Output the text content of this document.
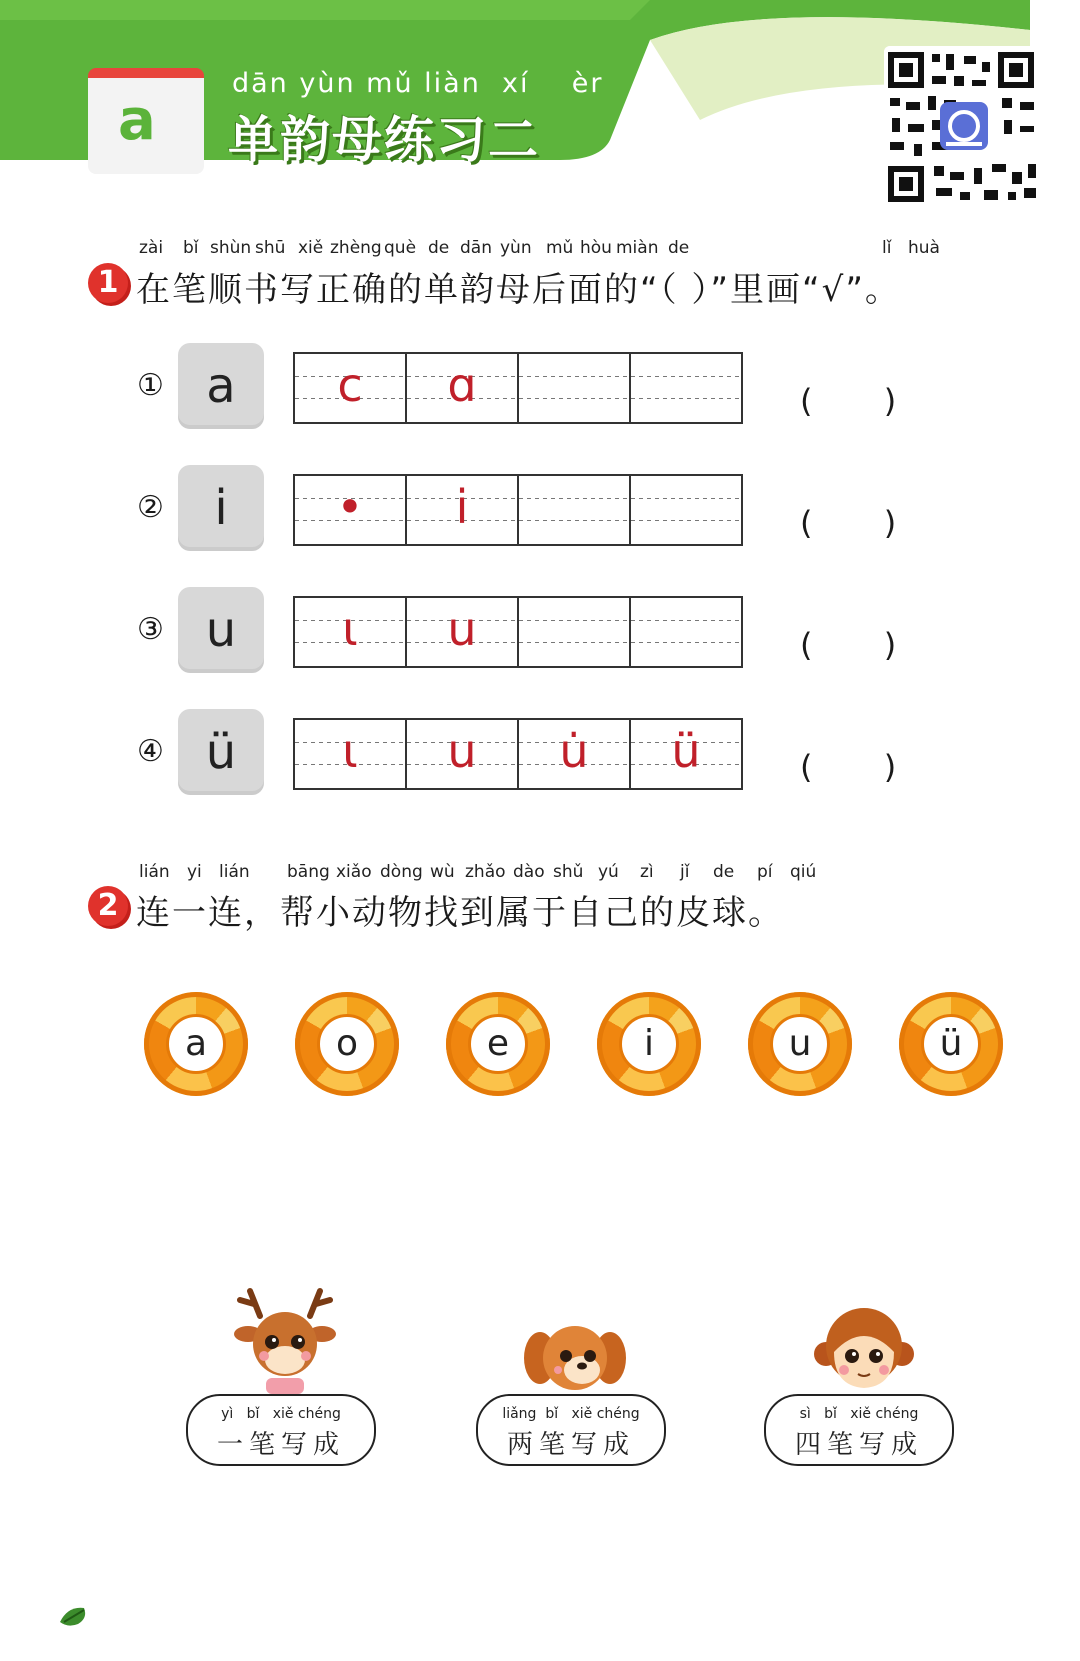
a
dān yùn mǔ liàn  xí    èr
单韵母练习二
1
zài bǐ shùn shū xiě zhèng què de dān yùn mǔ hòu miàn de	lǐ huà
在笔顺书写正确的单韵母后面的“（ ）”里画“√”。
① a	c	ɑ	(       )
②	i	•	i	(       )
③ u	ι	u	(       )
④ ü	ι	u	u̇	ü	(       )
2
lián yi lián bāng xiǎo dòng wù zhǎo dào shǔ yú zì jǐ de pí qiú
连一连，帮小动物找到属于自己的皮球。
a	o	e	i	u	ü
yì   bǐ   xiě chéng
一笔写成
liǎng  bǐ   xiě chéng
两笔写成
sì   bǐ   xiě chéng
四笔写成
